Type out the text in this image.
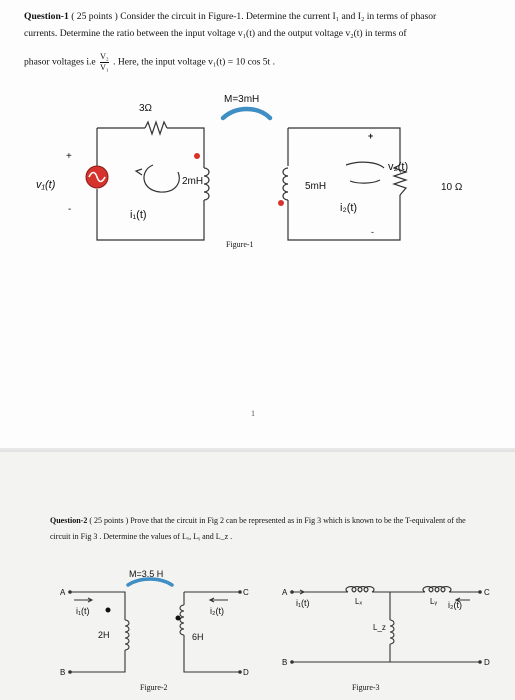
Question-1 ( 25 points ) Consider the circuit in Figure-1. Determine the current I₁ and I₂ in terms of phasor
currents. Determine the ratio between the input voltage v₁(t) and the output voltage v₂(t) in terms of
phasor voltages $i.e \frac{\text{V₂}}{\text{V₁}}$ . Here, the input voltage v₁(t) = 10 cos 5t .
3Ω
M=3mH
+
-
v₁(t)	2mH
i₁(t)
5mH
i₂(t)
+
-
v₂(t)
10 Ω
Figure-1
1
Question-2 ( 25 points ) Prove that the circuit in Fig 2 can be represented as in Fig 3 which is known to be the T-equivalent of the circuit in Fig 3 . Determine the values of Lₓ, Lᵧ and L_z .
M=3.5 H
A
B
C
D
i₁(t)	i₂(t)
2H	6H
Figure-2
A
B
C
D
i₁(t)	i₂(t)
Lₓ	Lᵧ
L_z
Figure-3
